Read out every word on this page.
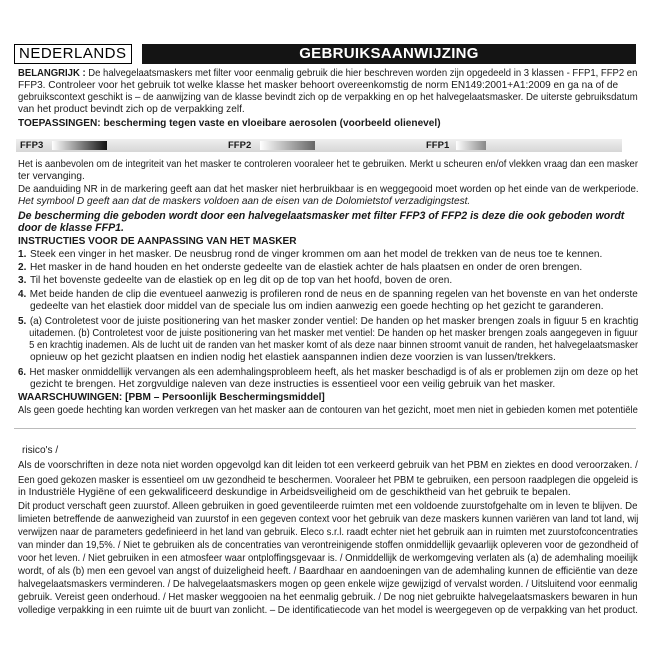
NEDERLANDS	GEBRUIKSAANWIJZING
BELANGRIJK : De halvegelaatsmaskers met filter voor eenmalig gebruik die hier beschreven worden zijn opgedeeld in 3 klassen - FFP1, FFP2 en
FFP3. Controleer voor het gebruik tot welke klasse het masker behoort overeenkomstig de norm EN149:2001+A1:2009 en ga na of de
gebruikscontext geschikt is – de aanwijzing van de klasse bevindt zich op de verpakking en op het halvegelaatsmasker. De uiterste gebruiksdatum
van het product bevindt zich op de verpakking zelf.
TOEPASSINGEN: bescherming tegen vaste en vloeibare aerosolen (voorbeeld olienevel)
FFP3	FFP2	FFP1
Het is aanbevolen om de integriteit van het masker te controleren vooraleer het te gebruiken. Merkt u scheuren en/of vlekken vraag dan een masker
ter vervanging.
De aanduiding NR in de markering geeft aan dat het masker niet herbruikbaar is en weggegooid moet worden op het einde van de werkperiode.
Het symbool D geeft aan dat de maskers voldoen aan de eisen van de Dolomietstof verzadigingstest.
De bescherming die geboden wordt door een halvegelaatsmasker met filter FFP3 of FFP2 is deze die ook geboden wordt
door de klasse FFP1.
INSTRUCTIES VOOR DE AANPASSING VAN HET MASKER
1. Steek een vinger in het masker. De neusbrug rond de vinger krommen om aan het model de trekken van de neus toe te kennen.
2. Het masker in de hand houden en het onderste gedeelte van de elastiek achter de hals plaatsen en onder de oren brengen.
3. Til het bovenste gedeelte van de elastiek op en leg dit op de top van het hoofd, boven de oren.
4. Met beide handen de clip die eventueel aanwezig is profileren rond de neus en de spanning regelen van het bovenste en van het onderste
gedeelte van het elastiek door middel van de speciale lus om indien aanwezig een goede hechting op het gezicht te garanderen.
5. (a) Controletest voor de juiste positionering van het masker zonder ventiel: De handen op het masker brengen zoals in figuur 5 en krachtig
uitademen. (b) Controletest voor de juiste positionering van het masker met ventiel: De handen op het masker brengen zoals aangegeven in figuur
5 en krachtig inademen. Als de lucht uit de randen van het masker komt of als deze naar binnen stroomt vanuit de randen, het halvegelaatsmasker
opnieuw op het gezicht plaatsen en indien nodig het elastiek aanspannen indien deze voorzien is van lussen/trekkers.
6. Het masker onmiddellijk vervangen als een ademhalingsprobleem heeft, als het masker beschadigd is of als er problemen zijn om deze op het
gezicht te brengen. Het zorgvuldige naleven van deze instructies is essentieel voor een veilig gebruik van het masker.
WAARSCHUWINGEN: [PBM – Persoonlijk Beschermingsmiddel]
Als geen goede hechting kan worden verkregen van het masker aan de contouren van het gezicht, moet men niet in gebieden komen met potentiële
risico's /
Als de voorschriften in deze nota niet worden opgevolgd kan dit leiden tot een verkeerd gebruik van het PBM en ziektes en dood veroorzaken. /
Een goed gekozen masker is essentieel om uw gezondheid te beschermen. Vooraleer het PBM te gebruiken, een persoon raadplegen die opgeleid is
in Industriële Hygiëne of een gekwalificeerd deskundige in Arbeidsveiligheid om de geschiktheid van het gebruik te bepalen.
Dit product verschaft geen zuurstof. Alleen gebruiken in goed geventileerde ruimten met een voldoende zuurstofgehalte om in leven te blijven. De
limieten betreffende de aanwezigheid van zuurstof in een gegeven context voor het gebruik van deze maskers kunnen variëren van land tot land, wij
verwijzen naar de parameters gedefinieerd in het land van gebruik. Eleco s.r.l. raadt echter niet het gebruik aan in ruimten met zuurstofconcentraties
van minder dan 19,5%. / Niet te gebruiken als de concentraties van verontreinigende stoffen onmiddellijk gevaarlijk opleveren voor de gezondheid of
voor het leven. / Niet gebruiken in een atmosfeer waar ontploffingsgevaar is. / Onmiddellijk de werkomgeving verlaten als (a) de ademhaling moeilijk
wordt, of als (b) men een gevoel van angst of duizeligheid heeft. / Baardhaar en aandoeningen van de ademhaling kunnen de efficiëntie van deze
halvegelaatsmaskers verminderen. / De halvegelaatsmaskers mogen op geen enkele wijze gewijzigd of vervalst worden. / Uitsluitend voor eenmalig
gebruik. Vereist geen onderhoud. / Het masker weggooien na het eenmalig gebruik. / De nog niet gebruikte halvegelaatsmaskers bewaren in hun
volledige verpakking in een ruimte uit de buurt van zonlicht. – De identificatiecode van het model is weergegeven op de verpakking van het product.
